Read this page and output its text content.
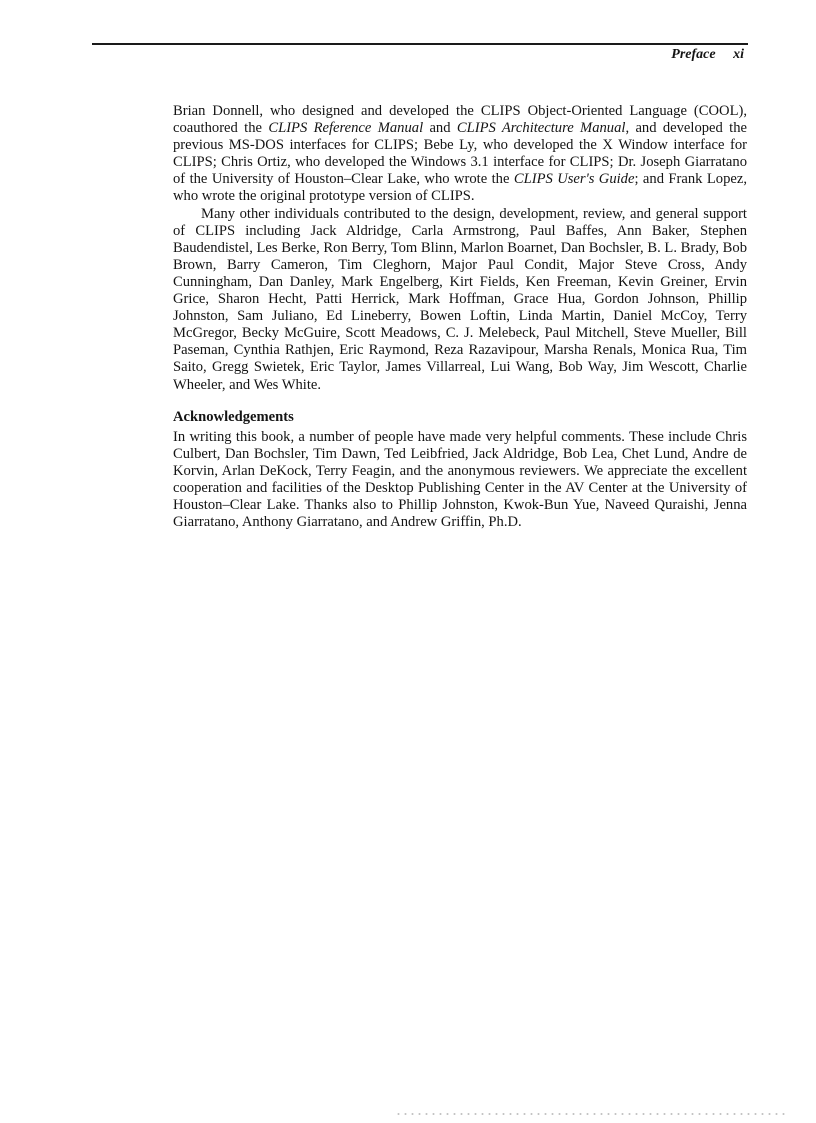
Preface xi

Brian Donnell, who designed and developed the CLIPS Object-Oriented Language (COOL), coauthored the CLIPS Reference Manual and CLIPS Architecture Manual, and developed the previous MS-DOS interfaces for CLIPS; Bebe Ly, who developed the X Window interface for CLIPS; Chris Ortiz, who developed the Windows 3.1 interface for CLIPS; Dr. Joseph Giarratano of the University of Houston–Clear Lake, who wrote the CLIPS User's Guide; and Frank Lopez, who wrote the original prototype version of CLIPS.

Many other individuals contributed to the design, development, review, and general support of CLIPS including Jack Aldridge, Carla Armstrong, Paul Baffes, Ann Baker, Stephen Baudendistel, Les Berke, Ron Berry, Tom Blinn, Marlon Boarnet, Dan Bochsler, B. L. Brady, Bob Brown, Barry Cameron, Tim Cleghorn, Major Paul Condit, Major Steve Cross, Andy Cunningham, Dan Danley, Mark Engelberg, Kirt Fields, Ken Freeman, Kevin Greiner, Ervin Grice, Sharon Hecht, Patti Herrick, Mark Hoffman, Grace Hua, Gordon Johnson, Phillip Johnston, Sam Juliano, Ed Lineberry, Bowen Loftin, Linda Martin, Daniel McCoy, Terry McGregor, Becky McGuire, Scott Meadows, C. J. Melebeck, Paul Mitchell, Steve Mueller, Bill Paseman, Cynthia Rathjen, Eric Raymond, Reza Razavipour, Marsha Renals, Monica Rua, Tim Saito, Gregg Swietek, Eric Taylor, James Villarreal, Lui Wang, Bob Way, Jim Wescott, Charlie Wheeler, and Wes White.

Acknowledgements

In writing this book, a number of people have made very helpful comments. These include Chris Culbert, Dan Bochsler, Tim Dawn, Ted Leibfried, Jack Aldridge, Bob Lea, Chet Lund, Andre de Korvin, Arlan DeKock, Terry Feagin, and the anonymous reviewers. We appreciate the excellent cooperation and facilities of the Desktop Publishing Center in the AV Center at the University of Houston–Clear Lake. Thanks also to Phillip Johnston, Kwok-Bun Yue, Naveed Quraishi, Jenna Giarratano, Anthony Giarratano, and Andrew Griffin, Ph.D.
